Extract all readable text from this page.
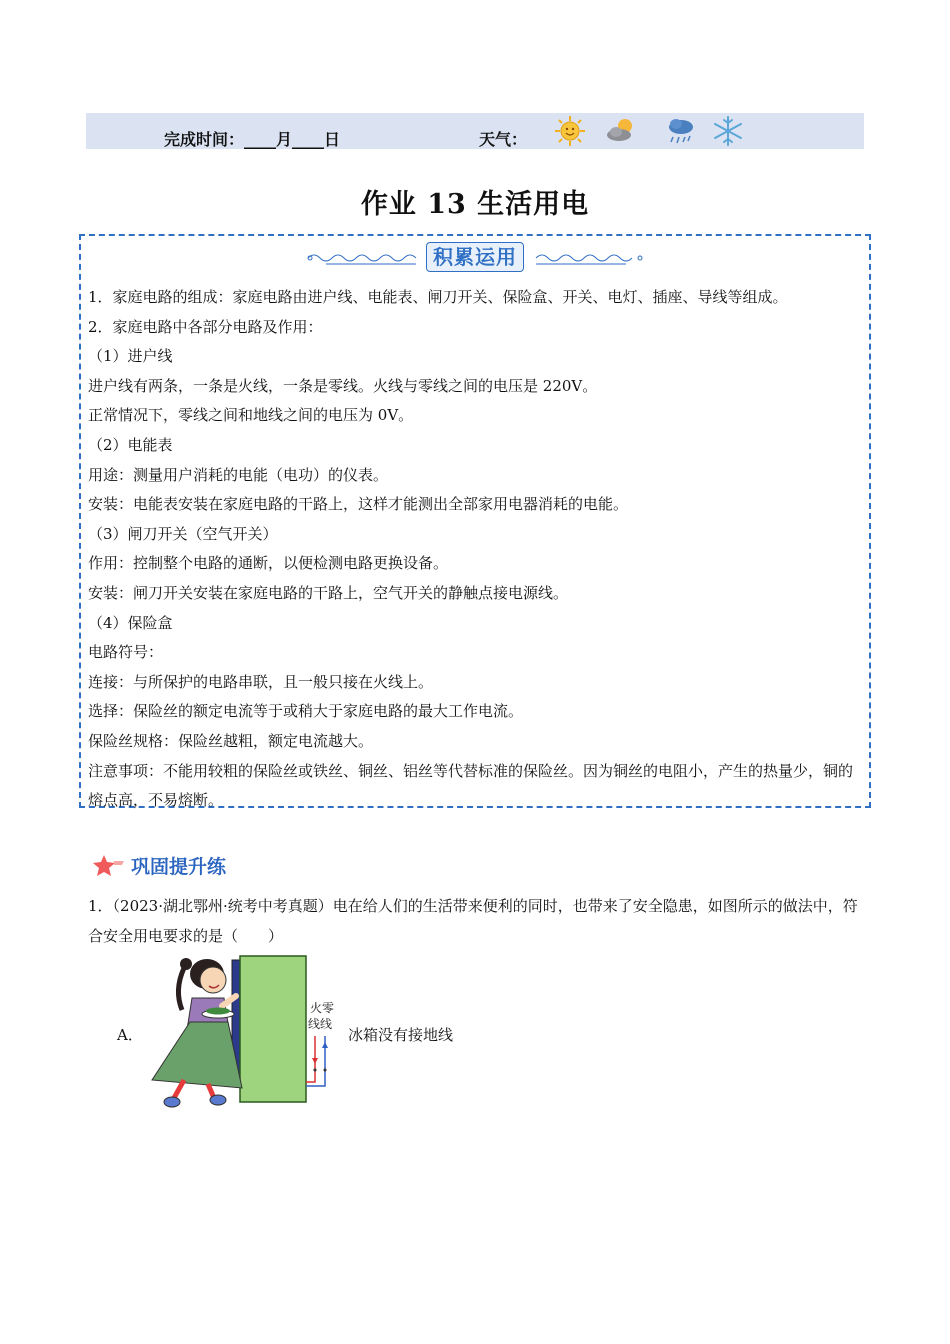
完成时间：____月____日	天气：
作业 13 生活用电
积累运用

1．家庭电路的组成：家庭电路由进户线、电能表、闸刀开关、保险盒、开关、电灯、插座、导线等组成。

2．家庭电路中各部分电路及作用：

（1）进户线

进户线有两条，一条是火线，一条是零线。火线与零线之间的电压是 220V。

正常情况下，零线之间和地线之间的电压为 0V。

（2）电能表

用途：测量用户消耗的电能（电功）的仪表。

安装：电能表安装在家庭电路的干路上，这样才能测出全部家用电器消耗的电能。

（3）闸刀开关（空气开关）

作用：控制整个电路的通断，以便检测电路更换设备。

安装：闸刀开关安装在家庭电路的干路上，空气开关的静触点接电源线。

（4）保险盒

电路符号：

连接：与所保护的电路串联，且一般只接在火线上。

选择：保险丝的额定电流等于或稍大于家庭电路的最大工作电流。

保险丝规格：保险丝越粗，额定电流越大。

注意事项：不能用较粗的保险丝或铁丝、铜丝、铝丝等代替标准的保险丝。因为铜丝的电阻小，产生的热量少，铜的熔点高，不易熔断。

巩固提升练

1．（2023·湖北鄂州·统考中考真题）电在给人们的生活带来便利的同时，也带来了安全隐患，如图所示的做法中，符合安全用电要求的是（　　）

A．
火零
线线
冰箱没有接地线
